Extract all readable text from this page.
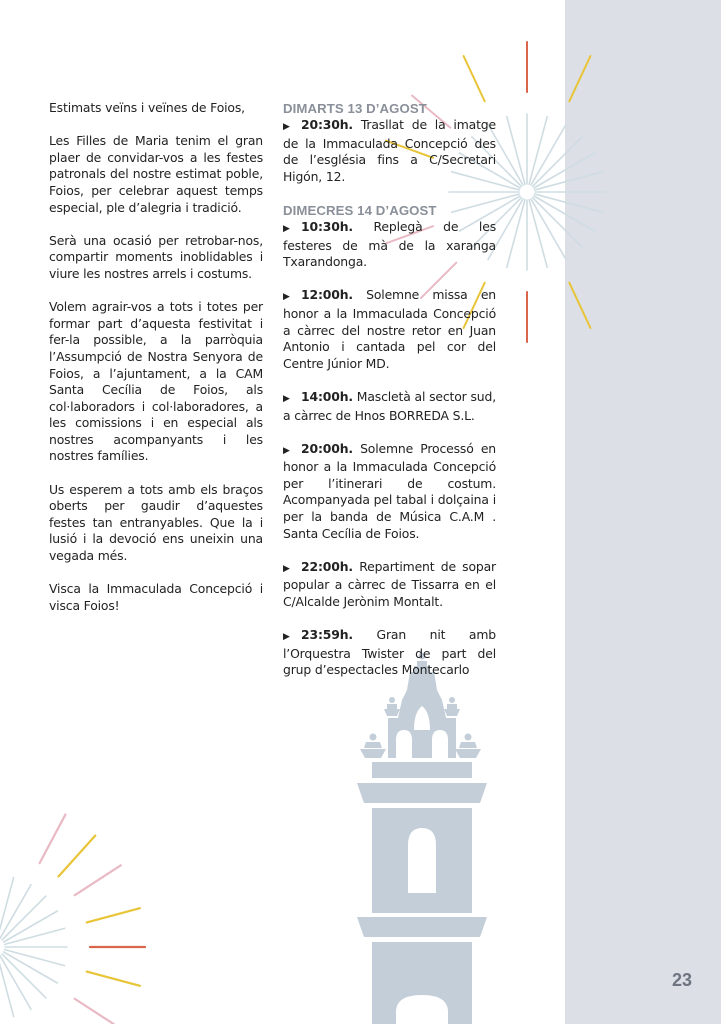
Estimats veïns i veïnes de Foios,

Les Filles de Maria tenim el gran plaer de convidar-vos a les festes patronals del nostre estimat poble, Foios, per celebrar aquest temps especial, ple d’alegria i tradició.

Serà una ocasió per retrobar-nos, compartir moments inoblidables i viure les nostres arrels i costums.

Volem agrair-vos a tots i totes per formar part d’aquesta festivitat i fer-la possible, a la parròquia l’Assumpció de Nostra Senyora de Foios, a l’ajuntament, a la CAM Santa Cecília de Foios, als col·laboradors i col·laboradores, a les comissions i en especial als nostres acompanyants i les nostres famílies.

Us esperem a tots amb els braços oberts per gaudir d’aquestes festes tan entranyables. Que la i lusió i la devoció ens uneixin una vegada més.

Visca la Immaculada Concepció i visca Foios!

DIMARTS 13 D’AGOST
▶ 20:30h. Trasllat de la imatge de la Immaculada Concepció des de l’església fins a C/Secretari Higón, 12.
DIMECRES 14 D’AGOST
▶ 10:30h. Replegà de les festeres de mà de la xaranga Txarandonga.
▶ 12:00h. Solemne missa en honor a la Immaculada Concepció a càrrec del nostre retor en Juan Antonio i cantada pel cor del Centre Júnior MD.
▶ 14:00h. Mascletà al sector sud, a càrrec de Hnos BORREDA S.L.
▶ 20:00h. Solemne Processó en honor a la Immaculada Concepció per l’itinerari de costum. Acompanyada pel tabal i dolçaina i per la banda de Música C.A.M . Santa Cecília de Foios.
▶ 22:00h. Repartiment de sopar popular a càrrec de Tissarra en el C/Alcalde Jerònim Montalt.
▶ 23:59h. Gran nit amb l’Orquestra Twister de part del grup d’espectacles Montecarlo
23
